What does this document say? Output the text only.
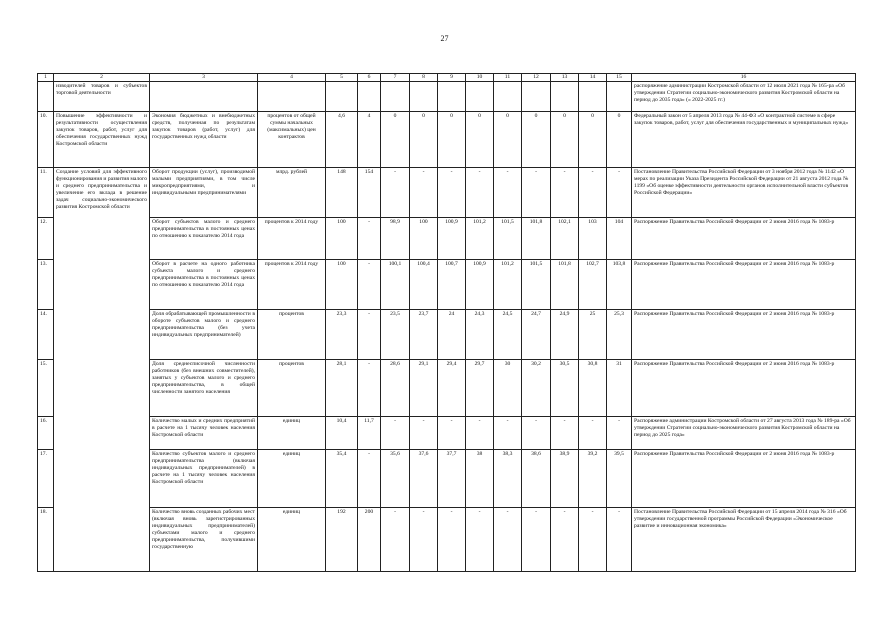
27
1	2	3	4	5	6	7	8	9	10	11	12	13	14	15	16
	изводителей товаров и субъектов торговой деятельности														распоряжение администрации Костромской области от 12 июля 2021 года № 165-ра «Об утверждении Стратегии социально-экономического развития Костромской области на период до 2035 года» (« 2022-2025 гг.)
10.	Повышение эффективности и результативности осуществления закупок товаров, работ, услуг для обеспечения государственных нужд Костромской области	Экономия бюджетных и внебюджетных средств, полученная по результатам закупок товаров (работ, услуг) для государственных нужд области	процентов от общей суммы начальных (максимальных) цен контрактов	4,6	4	0	0	0	0	0	0	0	0	0	Федеральный закон от 5 апреля 2013 года № 44-ФЗ «О контрактной системе в сфере закупок товаров, работ, услуг для обеспечения государственных и муниципальных нужд»
11.	Создание условий для эффективного функционирования и развития малого и среднего предпринимательства и увеличение его вклада в решение задач социально-экономического развития Костромской области	Оборот продукции (услуг), производимой малыми предприятиями, в том числе микропредприятиями, и индивидуальными предпринимателями	млрд. рублей	148	154	-	-	-	-	-	-	-	-	-	Постановление Правительства Российской Федерации от 3 ноября 2012 года № 1142 «О мерах по реализации Указа Президента Российской Федерации от 21 августа 2012 года № 1199 «Об оценке эффективности деятельности органов исполнительной власти субъектов Российской Федерации»
12.		Оборот субъектов малого и среднего предпринимательства в постоянных ценах по отношению к показателю 2014 года	процентов к 2014 году	100	-	98,9	100	100,9	101,2	101,5	101,8	102,1	103	104	Распоряжение Правительства Российской Федерации от 2 июня 2016 года № 1083-р
13.		Оборот в расчете на одного работника субъекта малого и среднего предпринимательства в постоянных ценах по отношению к показателю 2014 года	процентов к 2014 году	100	-	100,1	100,4	100,7	100,9	101,2	101,5	101,8	102,7	103,8	Распоряжение Правительства Российской Федерации от 2 июня 2016 года № 1083-р
14.		Доля обрабатывающей промышленности в обороте субъектов малого и среднего предпринимательства (без учета индивидуальных предпринимателей)	процентов	23,3	-	23,5	23,7	24	24,3	24,5	24,7	24,9	25	25,3	Распоряжение Правительства Российской Федерации от 2 июня 2016 года № 1083-р
15.		Доля среднесписочной численности работников (без внешних совместителей), занятых у субъектов малого и среднего предпринимательства, в общей численности занятого населения	процентов	28,1	-	28,6	29,1	29,4	29,7	30	30,2	30,5	30,8	31	Распоряжение Правительства Российской Федерации от 2 июня 2016 года № 1083-р
16.		Количество малых и средних предприятий в расчете на 1 тысячу человек населения Костромской области	единиц	10,4	11,7	-	-	-	-	-	-	-	-	-	Распоряжение администрации Костромской области от 27 августа 2013 года № 189-ра «Об утверждении Стратегии социально-экономического развития Костромской области на период до 2025 года»
17.		Количество субъектов малого и среднего предпринимательства (включая индивидуальных предпринимателей) в расчете на 1 тысячу человек населения Костромской области	единиц	35,4	-	35,6	37,6	37,7	38	38,3	38,6	38,9	39,2	39,5	Распоряжение Правительства Российской Федерации от 2 июня 2016 года № 1083-р
18.		Количество вновь созданных рабочих мест (включая вновь зарегистрированных индивидуальных предпринимателей) субъектами малого и среднего предпринимательства, получившими государственную	единиц	192	200	-	-	-	-	-	-	-	-	-	Постановление Правительства Российской Федерации от 15 апреля 2014 года № 316 «Об утверждении государственной программы Российской Федерации «Экономическое развитие и инновационная экономика»
